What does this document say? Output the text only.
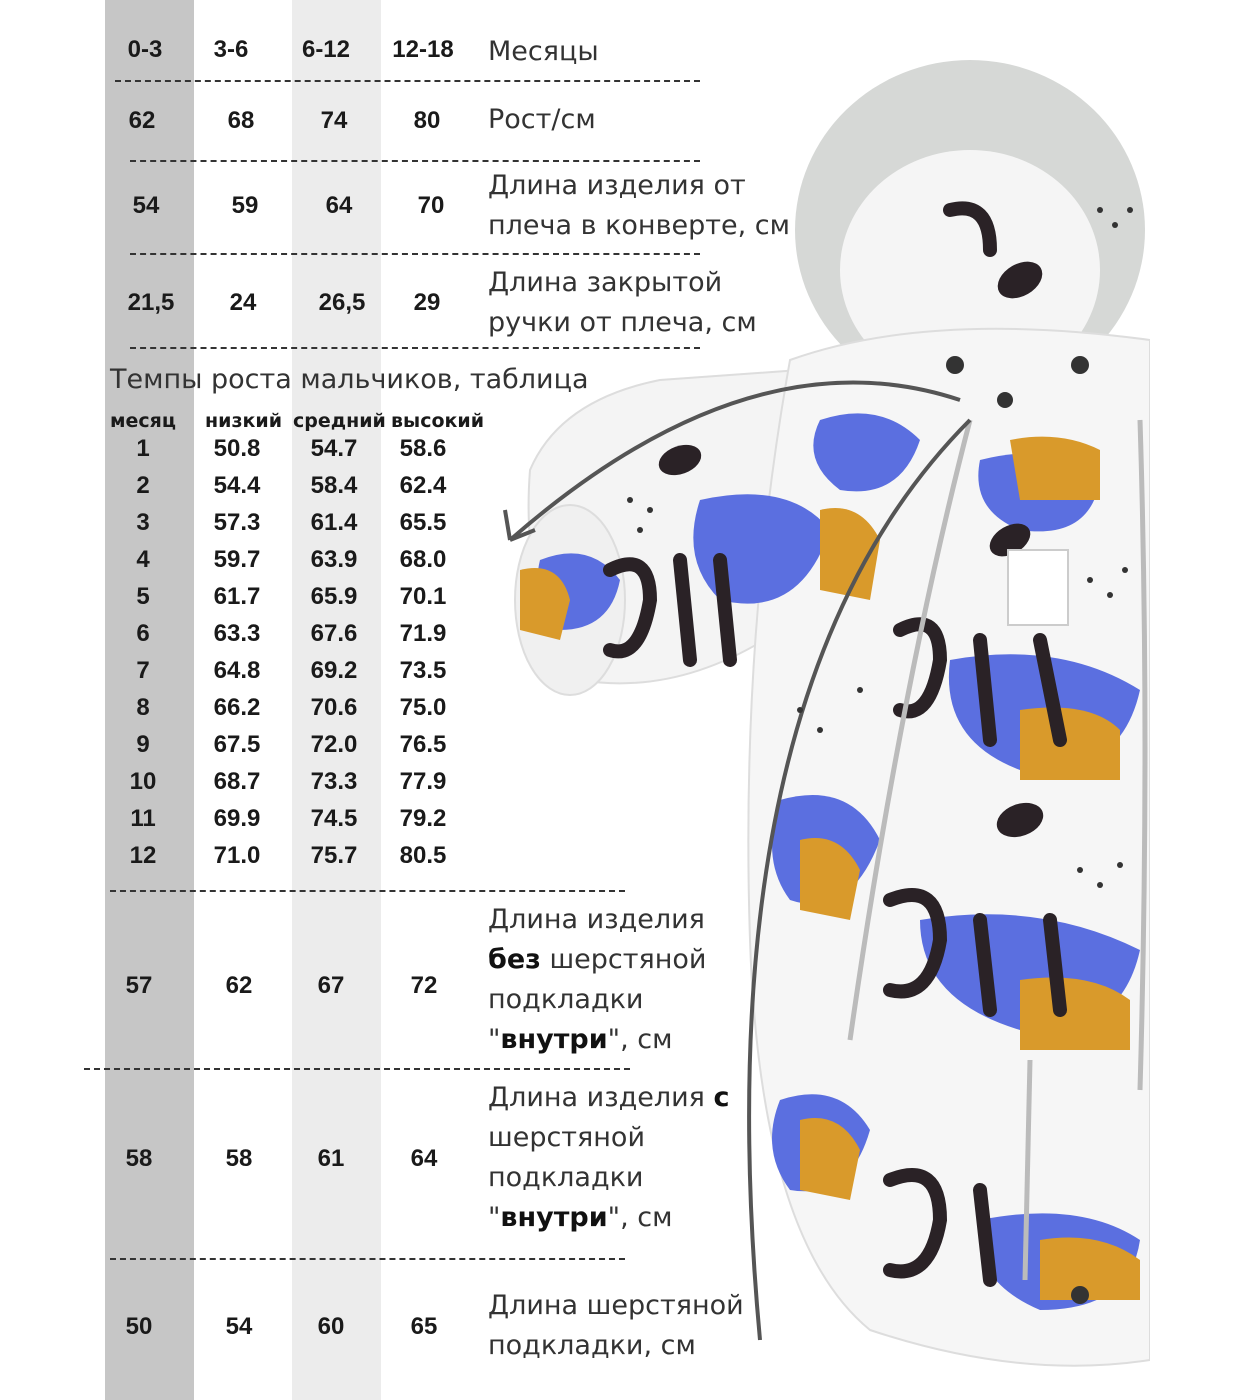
0-3	3-6	6-12	12-18	Месяцы
62	68	74	80	Рост/см
54	59	64	70
Длина изделия от
плеча в конверте, см
21,5	24	26,5	29
Длина закрытой
ручки от плеча, см
Темпы роста мальчиков, таблица
месяц низкий средний высокий
1	50.8	54.7	58.6
2	54.4	58.4	62.4
3	57.3	61.4	65.5
4	59.7	63.9	68.0
5	61.7	65.9	70.1
6	63.3	67.6	71.9
7	64.8	69.2	73.5
8	66.2	70.6	75.0
9	67.5	72.0	76.5
10	68.7	73.3	77.9
11	69.9	74.5	79.2
12	71.0	75.7	80.5
57	62	67	72
Длина изделия
без шерстяной
подкладки
"внутри", см
58	58	61	64
Длина изделия с
шерстяной
подкладки
"внутри", см
50	54	60	65
Длина шерстяной
подкладки, см
